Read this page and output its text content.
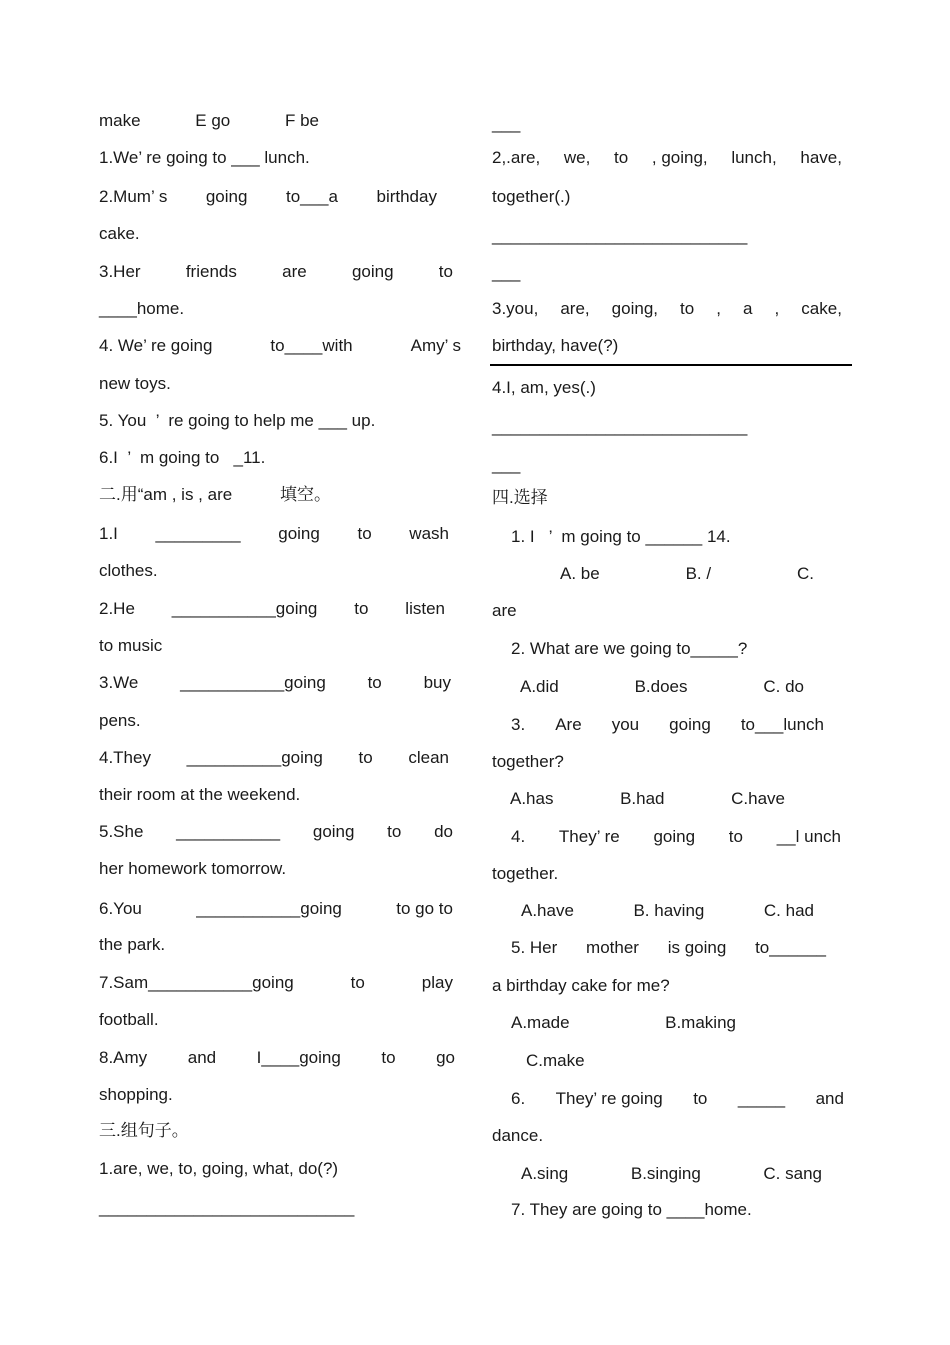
make	E go	F be
1.We’ re going to ___ lunch.
2.Mum’ s going to___a birthday
cake.
3.Her	friends	are	going	to
____home.
4. We’ re going	to____with	Amy’ s
new toys.
5. You  ’  re going to help me ___ up.
6.I  ’  m going to   _11.
二.用“am , is , are	填空。
1.I _________ going to wash
clothes.
2.He ___________going to listen
to music
3.We ___________going to buy
pens.
4.They __________going to clean
their room at the weekend.
5.She ___________ going to do
her homework tomorrow.
6.You	___________going	to go to
the park.
7.Sam___________going	to	play
football.
8.Amy and I____going to go
shopping.
三.组句子。
1.are, we, to, going, what, do(?)
___________________________
___
2,.are, we, to , going, lunch, have,
together(.)
___________________________
___
3.you, are, going, to , a , cake,
birthday, have(?)
4.I, am, yes(.)
___________________________
___
四.选择
1. I   ’  m going to ______ 14.
A. be	B. /	C.
are
2. What are we going to_____?
A.did	B.does	C. do
3. Are you going to___lunch
together?
A.has	B.had	C.have
4. They’ re going to __l unch
together.
A.have	B. having	C. had
5. Her mother is going to______
a birthday cake for me?
A.made	B.making
C.make
6. They’ re going to _____ and
dance.
A.sing	B.singing	C. sang
7. They are going to ____home.
